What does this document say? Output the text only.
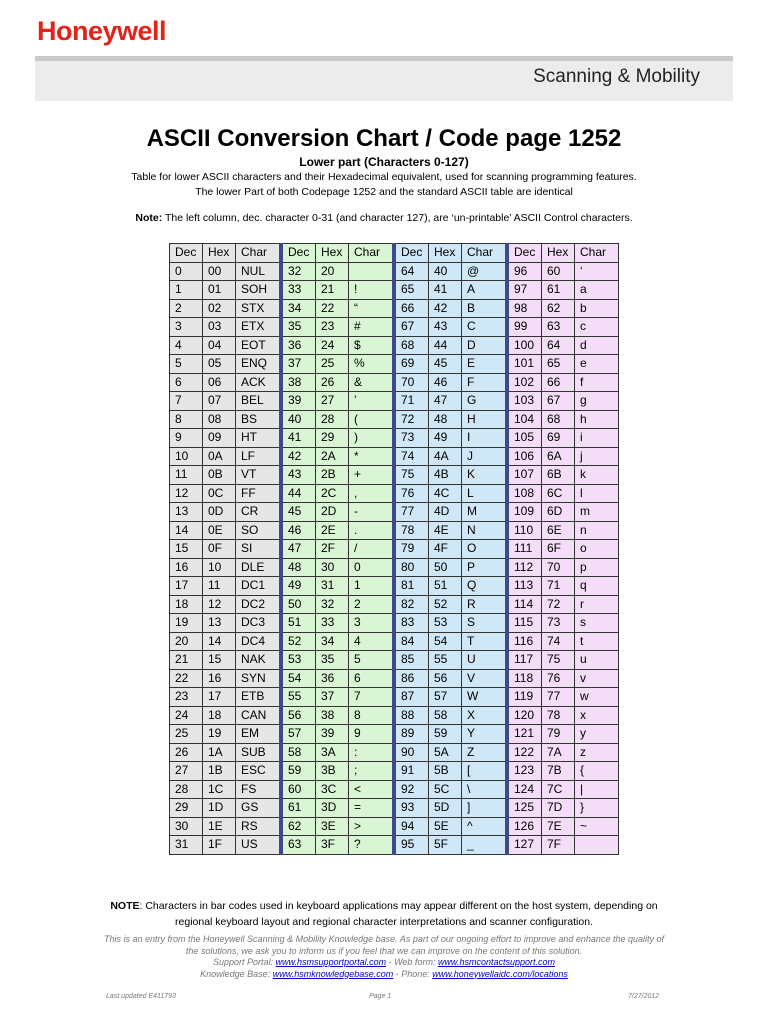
Honeywell
Scanning & Mobility
ASCII Conversion Chart / Code page 1252
Lower part (Characters 0-127)
Table for lower ASCII characters and their Hexadecimal equivalent, used for scanning programming features.
The lower Part of both Codepage 1252 and the standard ASCII table are identical
Note: The left column, dec. character 0-31 (and character 127), are ‘un-printable’ ASCII Control characters.
Dec	Hex	Char	Dec	Hex	Char	Dec	Hex	Char	Dec	Hex	Char
0	00	NUL	32	20		64	40	@	96	60	‘
1	01	SOH	33	21	!	65	41	A	97	61	a
2	02	STX	34	22	“	66	42	B	98	62	b
3	03	ETX	35	23	#	67	43	C	99	63	c
4	04	EOT	36	24	$	68	44	D	100	64	d
5	05	ENQ	37	25	%	69	45	E	101	65	e
6	06	ACK	38	26	&	70	46	F	102	66	f
7	07	BEL	39	27	’	71	47	G	103	67	g
8	08	BS	40	28	(	72	48	H	104	68	h
9	09	HT	41	29	)	73	49	I	105	69	i
10	0A	LF	42	2A	*	74	4A	J	106	6A	j
11	0B	VT	43	2B	+	75	4B	K	107	6B	k
12	0C	FF	44	2C	,	76	4C	L	108	6C	l
13	0D	CR	45	2D	-	77	4D	M	109	6D	m
14	0E	SO	46	2E	.	78	4E	N	110	6E	n
15	0F	SI	47	2F	/	79	4F	O	111	6F	o
16	10	DLE	48	30	0	80	50	P	112	70	p
17	11	DC1	49	31	1	81	51	Q	113	71	q
18	12	DC2	50	32	2	82	52	R	114	72	r
19	13	DC3	51	33	3	83	53	S	115	73	s
20	14	DC4	52	34	4	84	54	T	116	74	t
21	15	NAK	53	35	5	85	55	U	117	75	u
22	16	SYN	54	36	6	86	56	V	118	76	v
23	17	ETB	55	37	7	87	57	W	119	77	w
24	18	CAN	56	38	8	88	58	X	120	78	x
25	19	EM	57	39	9	89	59	Y	121	79	y
26	1A	SUB	58	3A	:	90	5A	Z	122	7A	z
27	1B	ESC	59	3B	;	91	5B	[	123	7B	{
28	1C	FS	60	3C	<	92	5C	\	124	7C	|
29	1D	GS	61	3D	=	93	5D	]	125	7D	}
30	1E	RS	62	3E	>	94	5E	^	126	7E	~
31	1F	US	63	3F	?	95	5F	_	127	7F	
NOTE: Characters in bar codes used in keyboard applications may appear different on the host system, depending on
regional keyboard layout and regional character interpretations and scanner configuration.
This is an entry from the Honeywell Scanning & Mobility Knowledge base. As part of our ongoing effort to improve and enhance the quality of
the solutions, we ask you to inform us if you feel that we can improve on the content of this solution.
Support Portal: www.hsmsupportportal.com - Web form: www.hsmcontactsupport.com
Knowledge Base: www.hsmknowledgebase.com - Phone: www.honeywellaidc.com/locations
Last updated E411793	Page 1	7/27/2012
